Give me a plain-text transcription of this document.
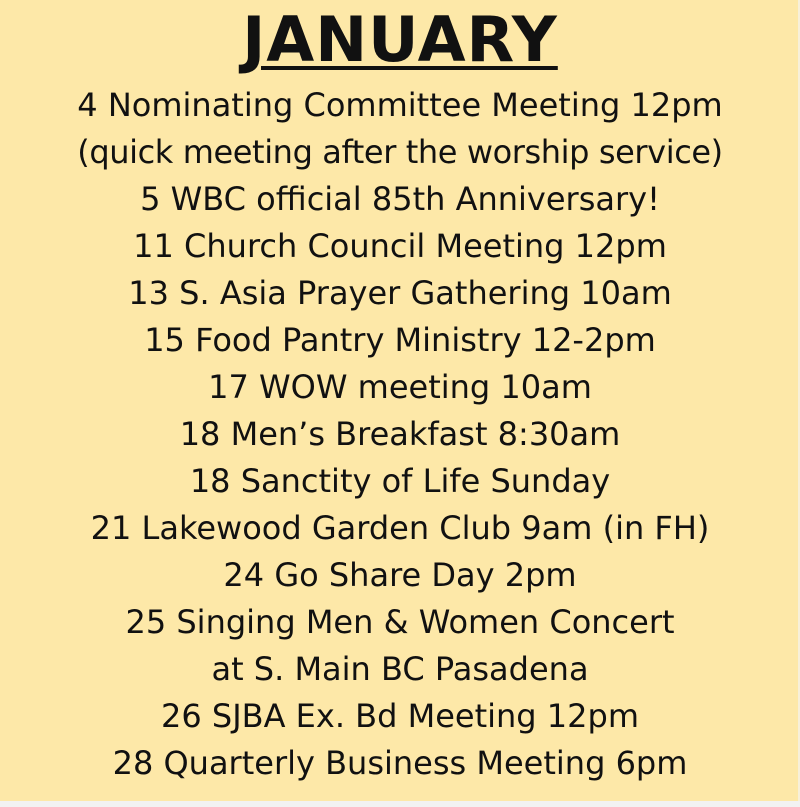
JANUARY
4 Nominating Committee Meeting 12pm
(quick meeting after the worship service)
5 WBC official 85th Anniversary!
11 Church Council Meeting 12pm
13 S. Asia Prayer Gathering 10am
15 Food Pantry Ministry 12-2pm
17 WOW meeting 10am
18 Men’s Breakfast 8:30am
18 Sanctity of Life Sunday
21 Lakewood Garden Club 9am (in FH)
24 Go Share Day 2pm
25 Singing Men & Women Concert
at S. Main BC Pasadena
26 SJBA Ex. Bd Meeting 12pm
28 Quarterly Business Meeting 6pm
